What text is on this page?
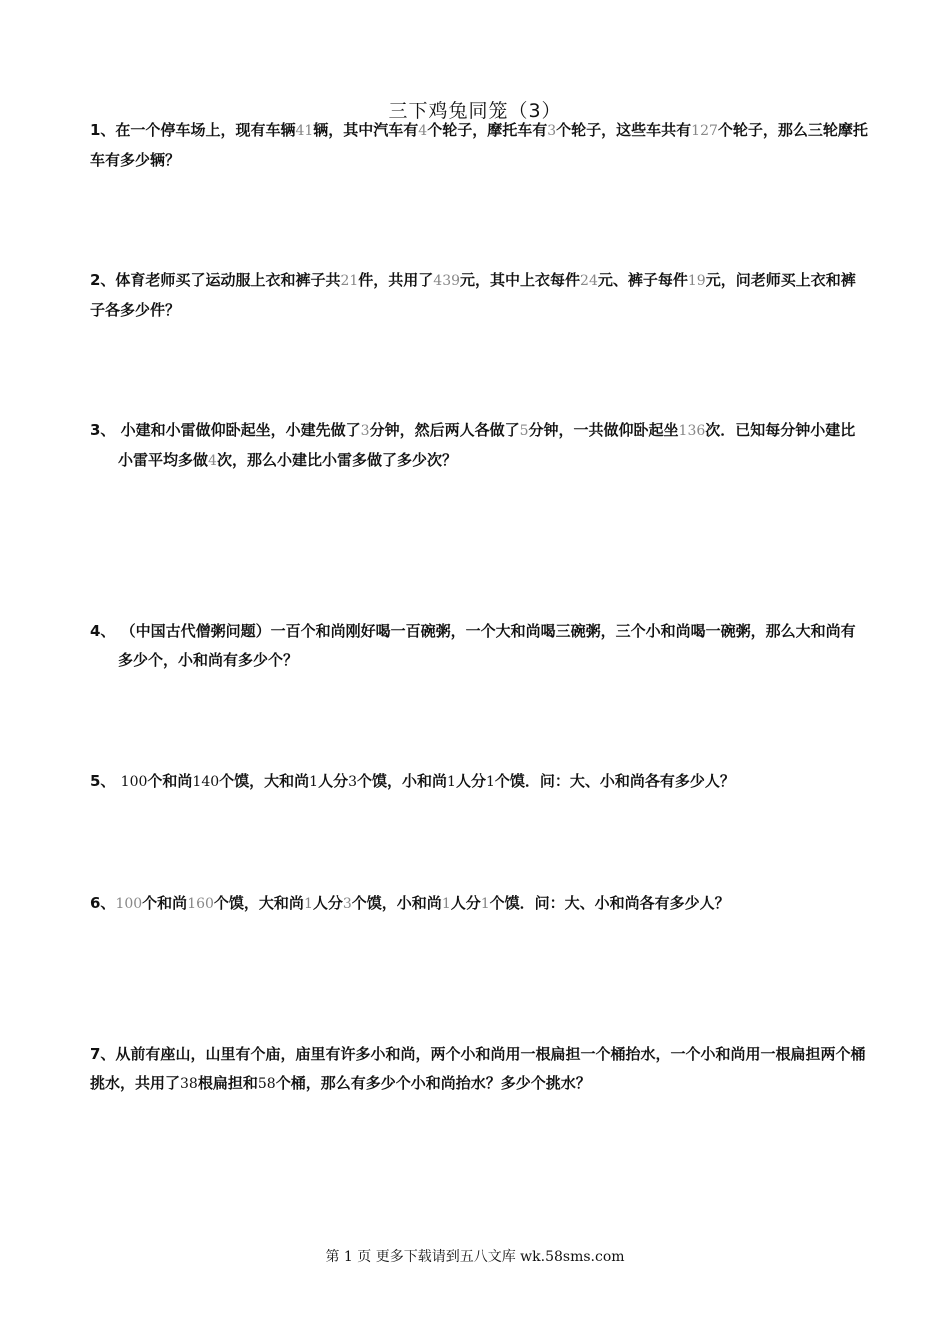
三下鸡兔同笼（3）
1、在一个停车场上，现有车辆41辆，其中汽车有4个轮子，摩托车有3个轮子，这些车共有127个轮子，那么三轮摩托车有多少辆？
2、体育老师买了运动服上衣和裤子共21件，共用了439元，其中上衣每件24元、裤子每件19元，问老师买上衣和裤子各多少件？
3、 小建和小雷做仰卧起坐，小建先做了3分钟，然后两人各做了5分钟，一共做仰卧起坐136次．已知每分钟小建比小雷平均多做4次，那么小建比小雷多做了多少次？
4、 （中国古代僧粥问题）一百个和尚刚好喝一百碗粥，一个大和尚喝三碗粥，三个小和尚喝一碗粥，那么大和尚有多少个，小和尚有多少个？
5、 100个和尚140个馍，大和尚1人分3个馍，小和尚1人分1个馍．问：大、小和尚各有多少人？
6、100个和尚160个馍，大和尚1人分3个馍，小和尚1人分1个馍．问：大、小和尚各有多少人？
7、从前有座山，山里有个庙，庙里有许多小和尚，两个小和尚用一根扁担一个桶抬水，一个小和尚用一根扁担两个桶挑水，共用了38根扁担和58个桶，那么有多少个小和尚抬水？多少个挑水？
第 1 页 更多下载请到五八文库 wk.58sms.com
